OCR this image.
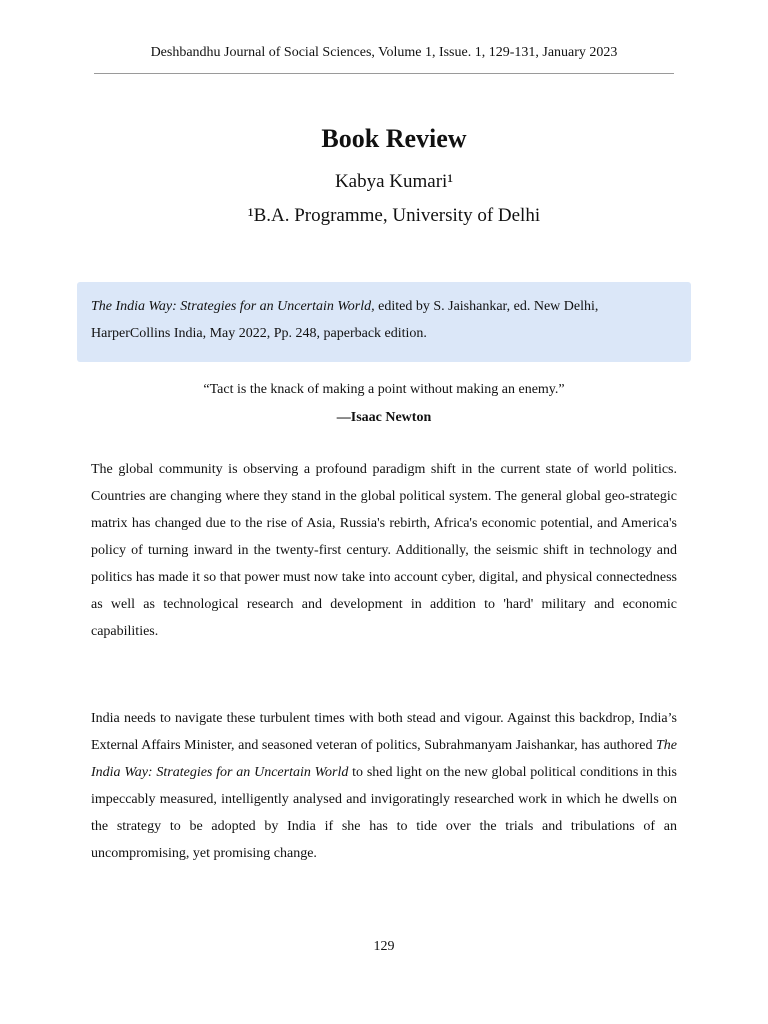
Deshbandhu Journal of Social Sciences, Volume 1, Issue. 1, 129-131, January 2023
Book Review
Kabya Kumari¹
¹B.A. Programme, University of Delhi
The India Way: Strategies for an Uncertain World, edited by S. Jaishankar, ed. New Delhi, HarperCollins India, May 2022, Pp. 248, paperback edition.
“Tact is the knack of making a point without making an enemy.”
—Isaac Newton

The global community is observing a profound paradigm shift in the current state of world politics. Countries are changing where they stand in the global political system. The general global geo-strategic matrix has changed due to the rise of Asia, Russia's rebirth, Africa's economic potential, and America's policy of turning inward in the twenty-first century. Additionally, the seismic shift in technology and politics has made it so that power must now take into account cyber, digital, and physical connectedness as well as technological research and development in addition to 'hard' military and economic capabilities.

India needs to navigate these turbulent times with both stead and vigour. Against this backdrop, India’s External Affairs Minister, and seasoned veteran of politics, Subrahmanyam Jaishankar, has authored The India Way: Strategies for an Uncertain World to shed light on the new global political conditions in this impeccably measured, intelligently analysed and invigoratingly researched work in which he dwells on the strategy to be adopted by India if she has to tide over the trials and tribulations of an uncompromising, yet promising change.

129
